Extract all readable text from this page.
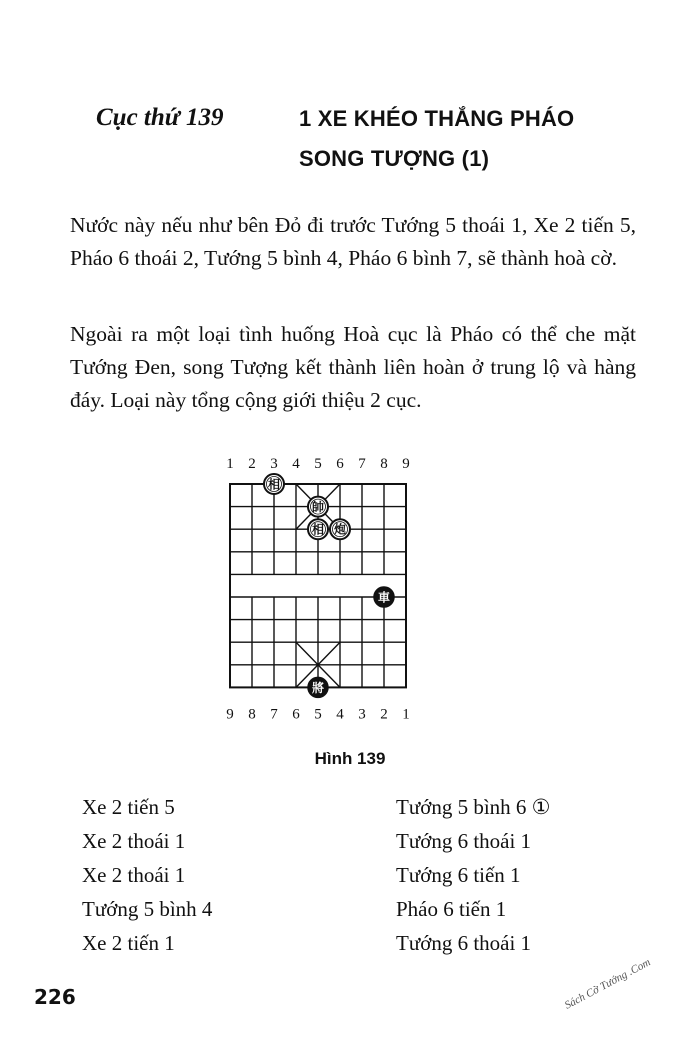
Cục thứ 139	1 XE KHÉO THẮNG PHÁO
SONG TƯỢNG (1)

Nước này nếu như bên Đỏ đi trước Tướng 5 thoái 1, Xe 2 tiến 5, Pháo 6 thoái 2, Tướng 5 bình 4, Pháo 6 bình 7, sẽ thành hoà cờ.

Ngoài ra một loại tình huống Hoà cục là Pháo có thể che mặt Tướng Đen, song Tượng kết thành liên hoàn ở trung lộ và hàng đáy. Loại này tổng cộng giới thiệu 2 cục.

1 2 3 4 5 6 7 8 9
9 8 7 6 5 4 3 2 1
相
帥
相 炮
車
將
Hình 139
Xe 2 tiến 5
Xe 2 thoái 1
Xe 2 thoái 1
Tướng 5 bình 4
Xe 2 tiến 1
Tướng 5 bình 6 ①
Tướng 6 thoái 1
Tướng 6 tiến 1
Pháo 6 tiến 1
Tướng 6 thoái 1
226	Sách Cờ Tướng .Com
